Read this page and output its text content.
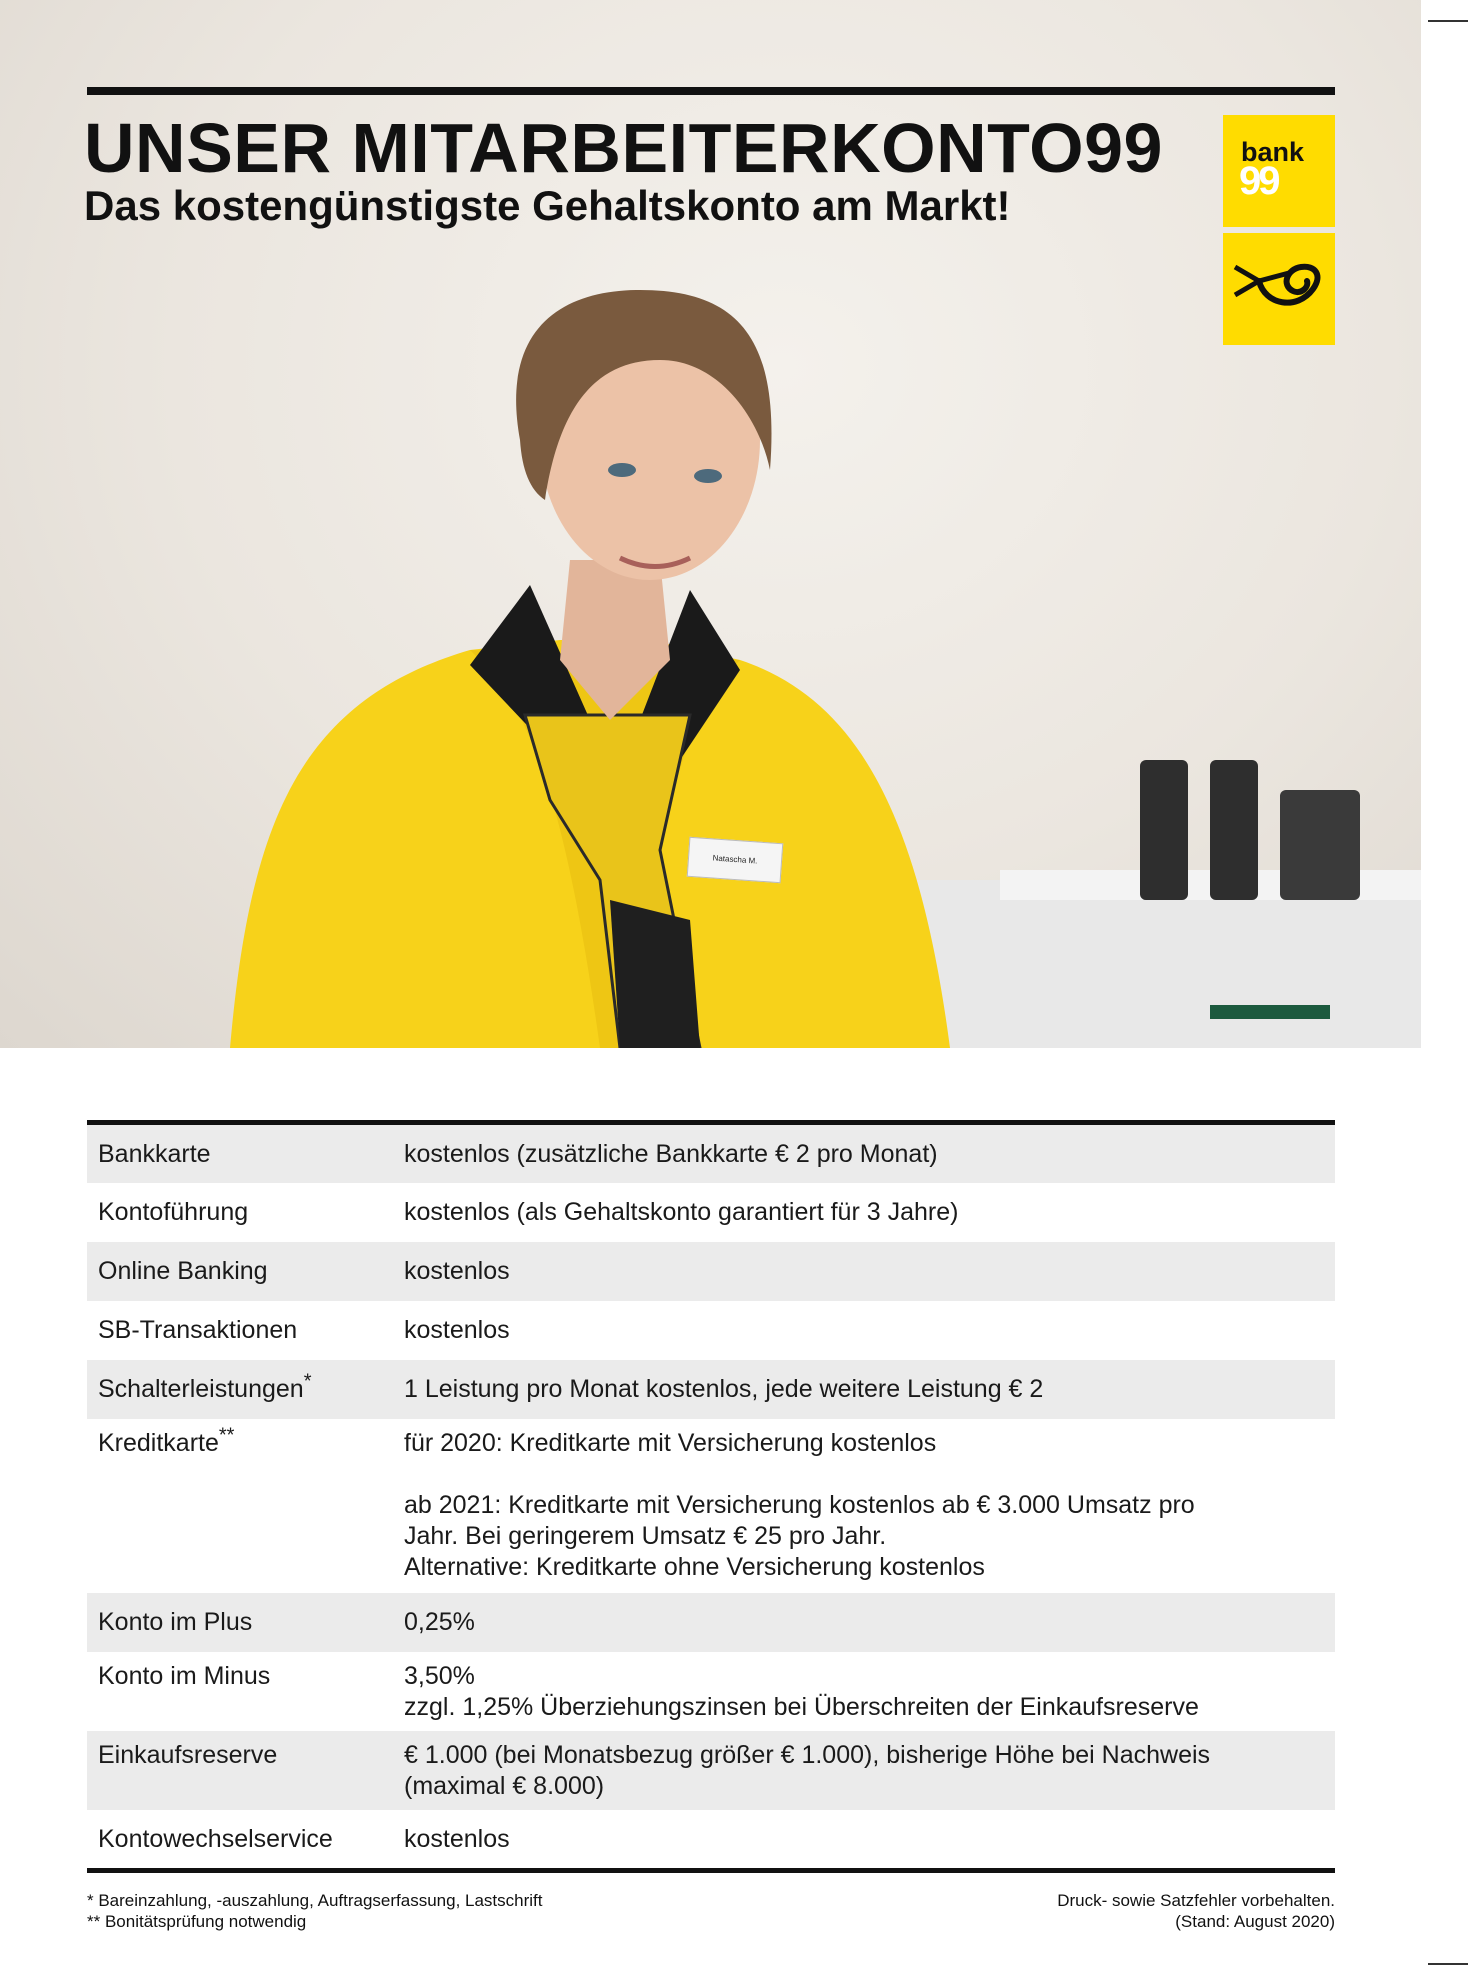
Natascha M.
UNSER MITARBEITERKONTO99
Das kostengünstigste Gehaltskonto am Markt!
bank
99
Bankkarte	kostenlos (zusätzliche Bankkarte € 2 pro Monat)
Kontoführung	kostenlos (als Gehaltskonto garantiert für 3 Jahre)
Online Banking	kostenlos
SB-Transaktionen	kostenlos
Schalterleistungen*	1 Leistung pro Monat kostenlos, jede weitere Leistung € 2
Kreditkarte**	für 2020: Kreditkarte mit Versicherung kostenlos
ab 2021: Kreditkarte mit Versicherung kostenlos ab € 3.000 Umsatz pro
Jahr. Bei geringerem Umsatz € 25 pro Jahr.
Alternative: Kreditkarte ohne Versicherung kostenlos

Konto im Plus	0,25%
Konto im Minus	3,50%
zzgl. 1,25% Überziehungszinsen bei Überschreiten der Einkaufsreserve

Einkaufsreserve	€ 1.000 (bei Monatsbezug größer € 1.000), bisherige Höhe bei Nachweis
(maximal € 8.000)

Kontowechselservice	kostenlos
* Bareinzahlung, -auszahlung, Auftragserfassung, Lastschrift
** Bonitätsprüfung notwendig
Druck- sowie Satzfehler vorbehalten.
(Stand: August 2020)
